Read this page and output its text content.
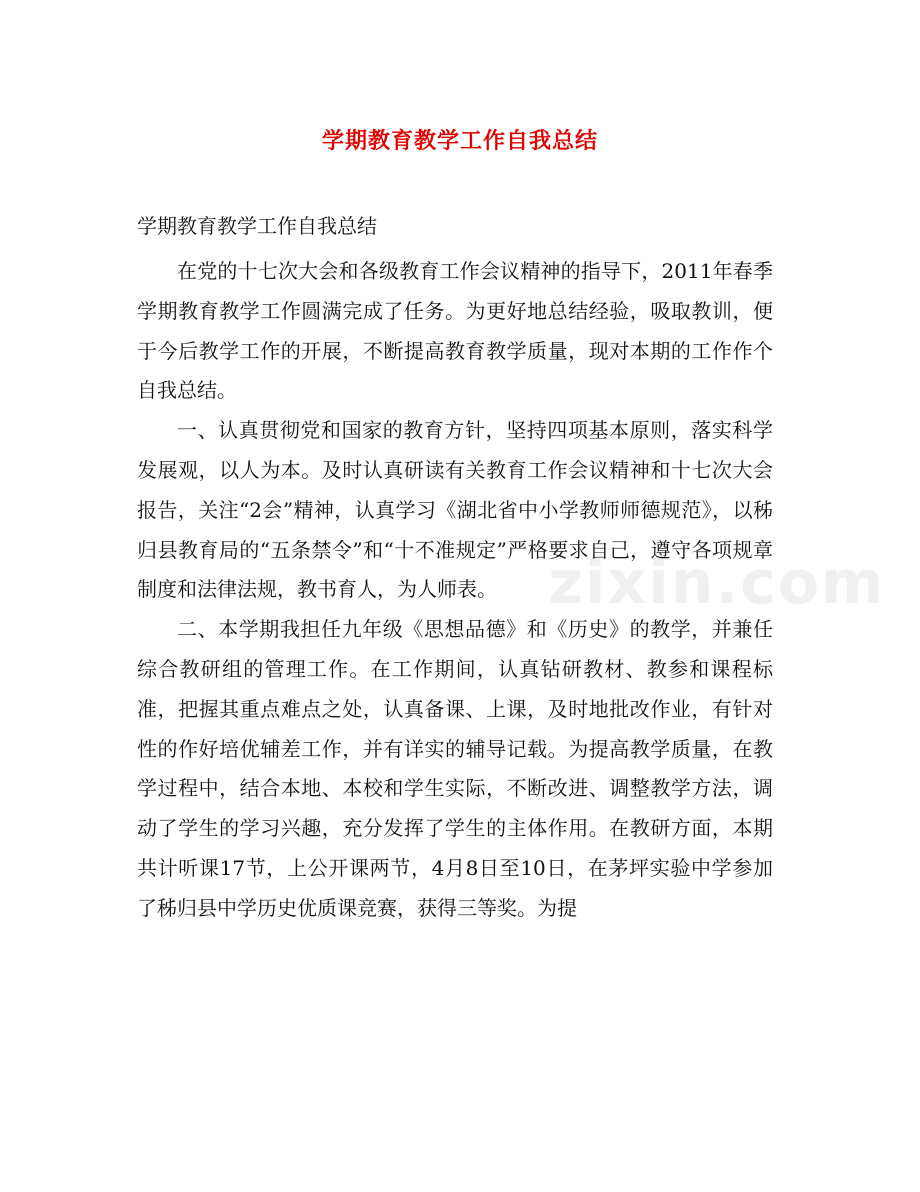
学期教育教学工作自我总结
学期教育教学工作自我总结

在党的十七次大会和各级教育工作会议精神的指导下，2011年春季学期教育教学工作圆满完成了任务。为更好地总结经验，吸取教训，便于今后教学工作的开展，不断提高教育教学质量，现对本期的工作作个自我总结。

一、认真贯彻党和国家的教育方针，坚持四项基本原则，落实科学发展观，以人为本。及时认真研读有关教育工作会议精神和十七次大会报告，关注“2会”精神，认真学习《湖北省中小学教师师德规范》，以秭归县教育局的“五条禁令”和“十不准规定”严格要求自己，遵守各项规章制度和法律法规，教书育人，为人师表。

二、本学期我担任九年级《思想品德》和《历史》的教学，并兼任综合教研组的管理工作。在工作期间，认真钻研教材、教参和课程标准，把握其重点难点之处，认真备课、上课，及时地批改作业，有针对性的作好培优辅差工作，并有详实的辅导记载。为提高教学质量，在教学过程中，结合本地、本校和学生实际，不断改进、调整教学方法，调动了学生的学习兴趣，充分发挥了学生的主体作用。在教研方面，本期共计听课17节，上公开课两节，4月8日至10日，在茅坪实验中学参加了秭归县中学历史优质课竞赛，获得三等奖。为提

zixin.com
